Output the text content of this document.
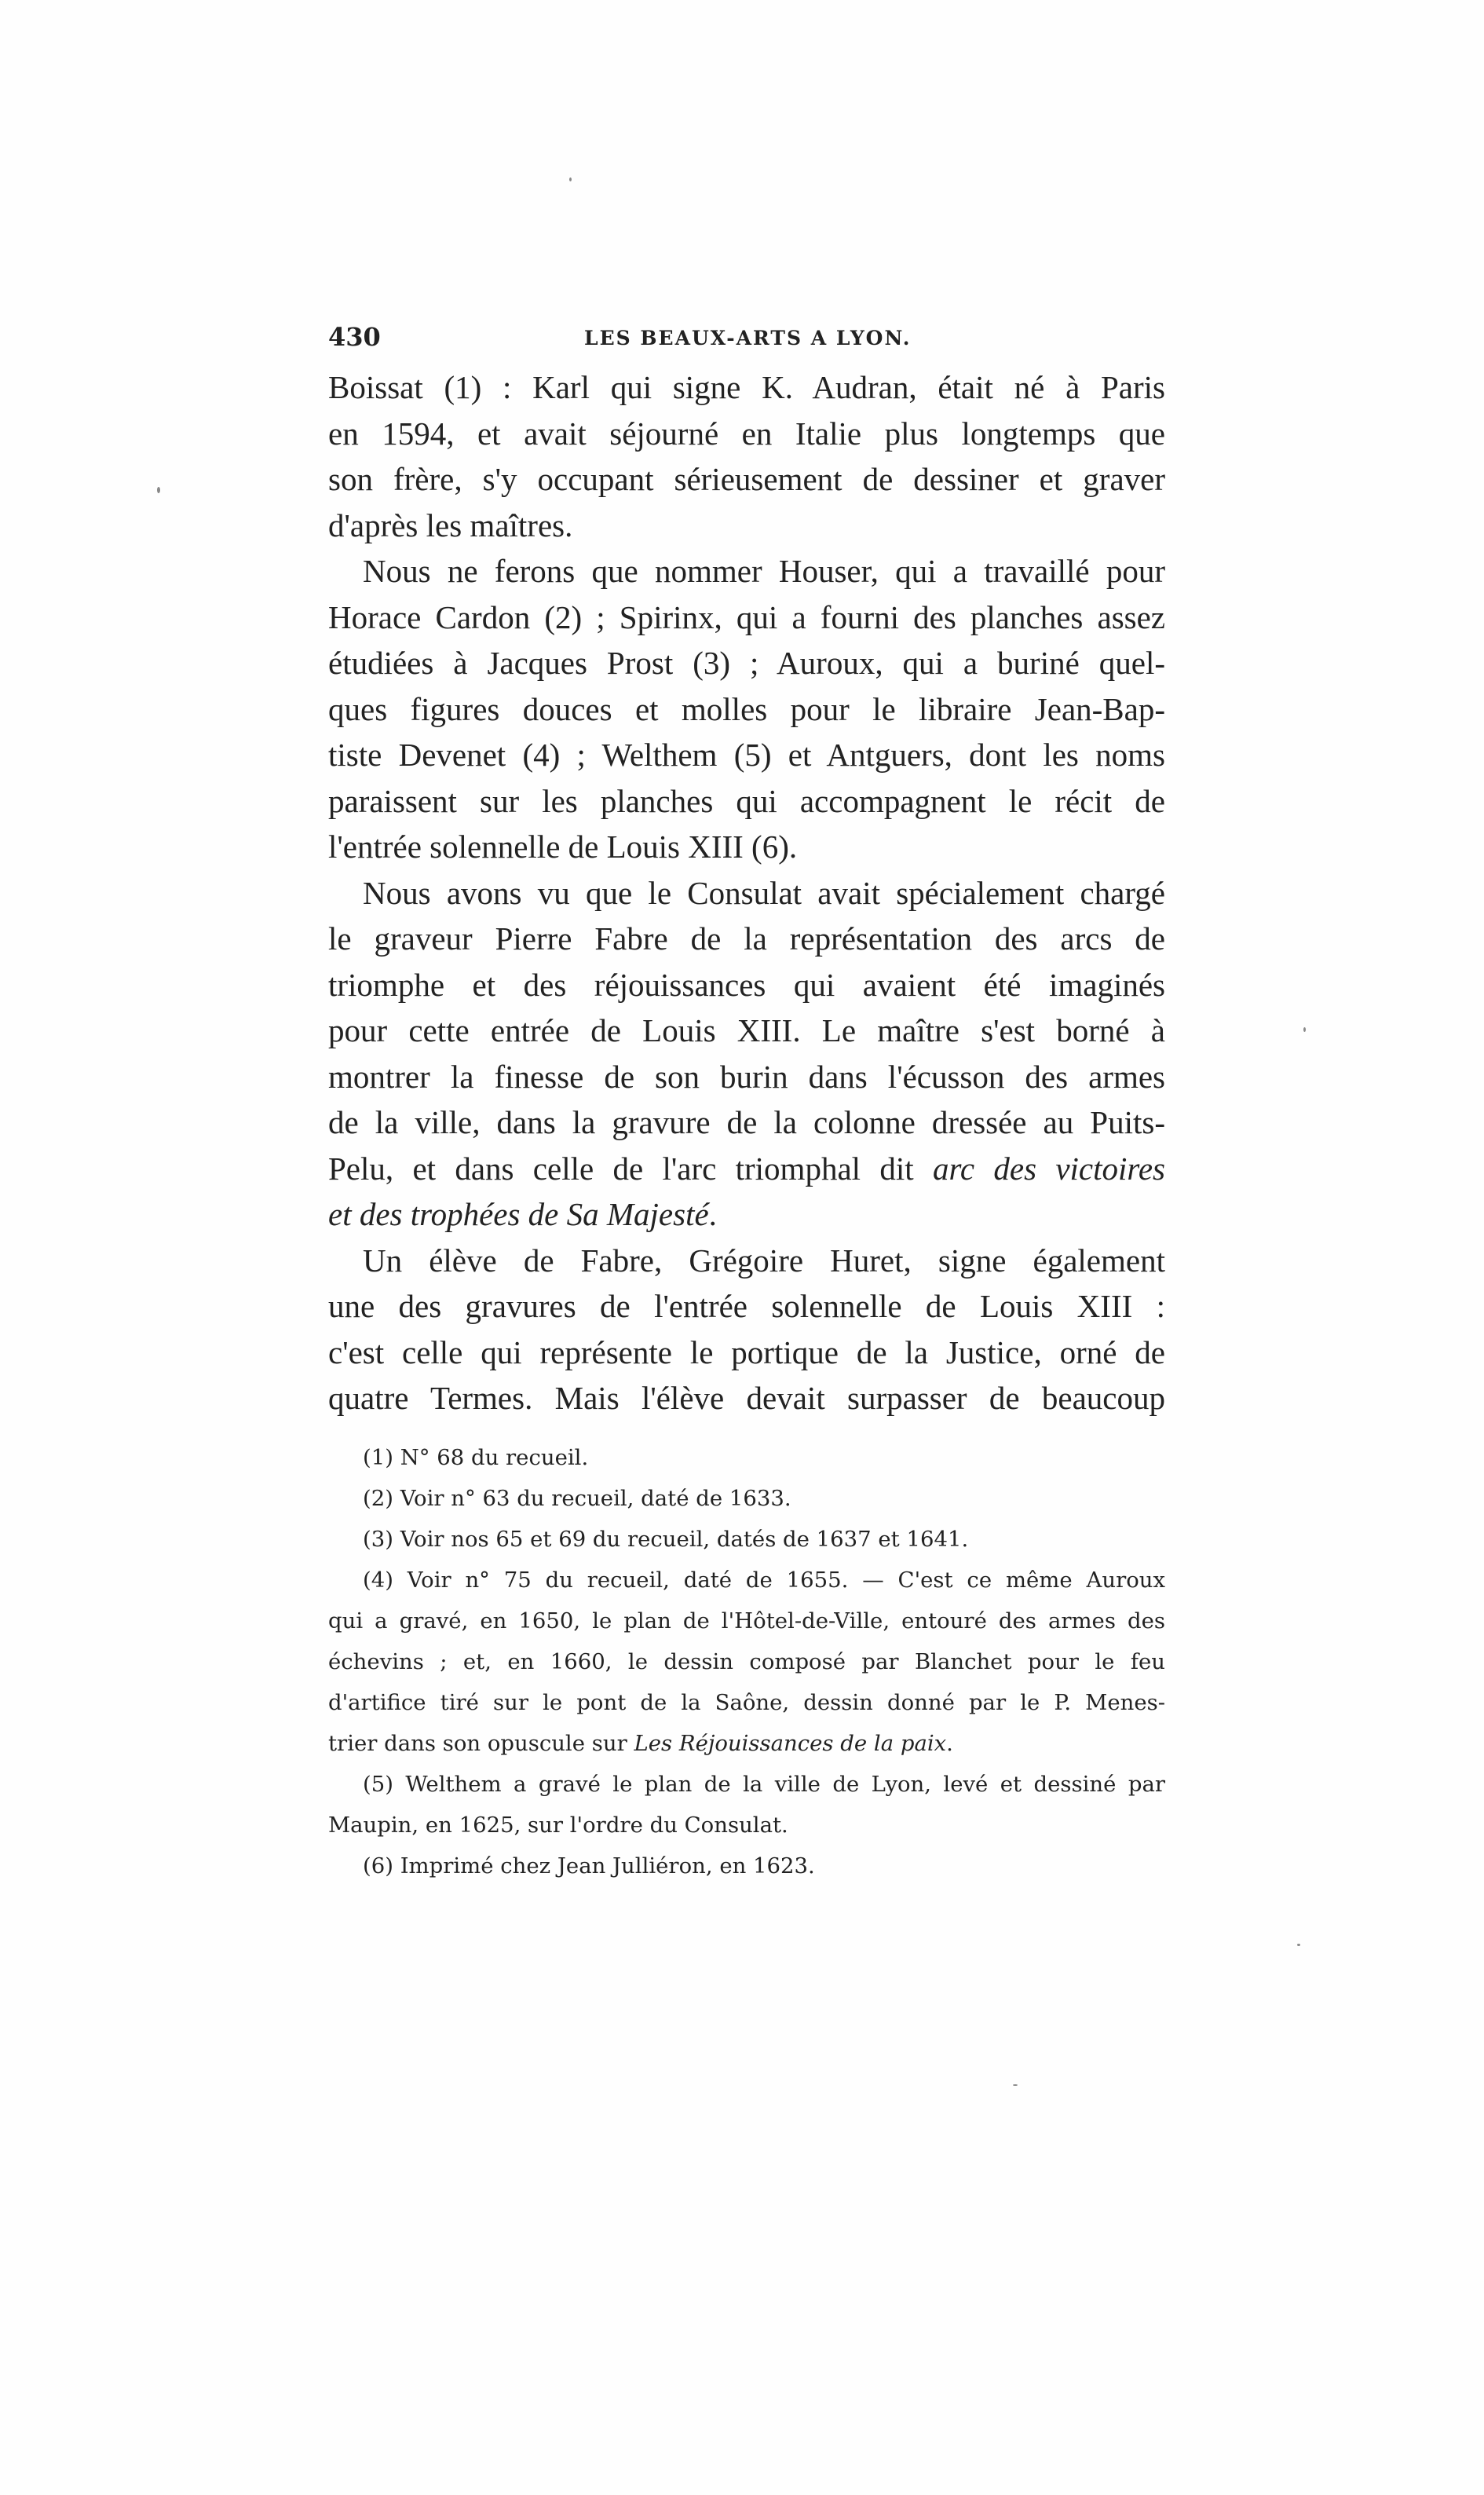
430	LES BEAUX-ARTS A LYON.
Boissat (1) : Karl qui signe K. Audran, était né à Paris
en 1594, et avait séjourné en Italie plus longtemps que
son frère, s'y occupant sérieusement de dessiner et graver
d'après les maîtres.
Nous ne ferons que nommer Houser, qui a travaillé pour
Horace Cardon (2) ; Spirinx, qui a fourni des planches assez
étudiées à Jacques Prost (3) ; Auroux, qui a buriné quel-
ques figures douces et molles pour le libraire Jean-Bap-
tiste Devenet (4) ; Welthem (5) et Antguers, dont les noms
paraissent sur les planches qui accompagnent le récit de
l'entrée solennelle de Louis XIII (6).
Nous avons vu que le Consulat avait spécialement chargé
le graveur Pierre Fabre de la représentation des arcs de
triomphe et des réjouissances qui avaient été imaginés
pour cette entrée de Louis XIII. Le maître s'est borné à
montrer la finesse de son burin dans l'écusson des armes
de la ville, dans la gravure de la colonne dressée au Puits-
Pelu, et dans celle de l'arc triomphal dit arc des victoires
et des trophées de Sa Majesté.
Un élève de Fabre, Grégoire Huret, signe également
une des gravures de l'entrée solennelle de Louis XIII :
c'est celle qui représente le portique de la Justice, orné de
quatre Termes. Mais l'élève devait surpasser de beaucoup
(1) N° 68 du recueil.
(2) Voir n° 63 du recueil, daté de 1633.
(3) Voir nos 65 et 69 du recueil, datés de 1637 et 1641.
(4) Voir n° 75 du recueil, daté de 1655. — C'est ce même Auroux
qui a gravé, en 1650, le plan de l'Hôtel-de-Ville, entouré des armes des
échevins ; et, en 1660, le dessin composé par Blanchet pour le feu
d'artifice tiré sur le pont de la Saône, dessin donné par le P. Menes-
trier dans son opuscule sur Les Réjouissances de la paix.
(5) Welthem a gravé le plan de la ville de Lyon, levé et dessiné par
Maupin, en 1625, sur l'ordre du Consulat.
(6) Imprimé chez Jean Julliéron, en 1623.
